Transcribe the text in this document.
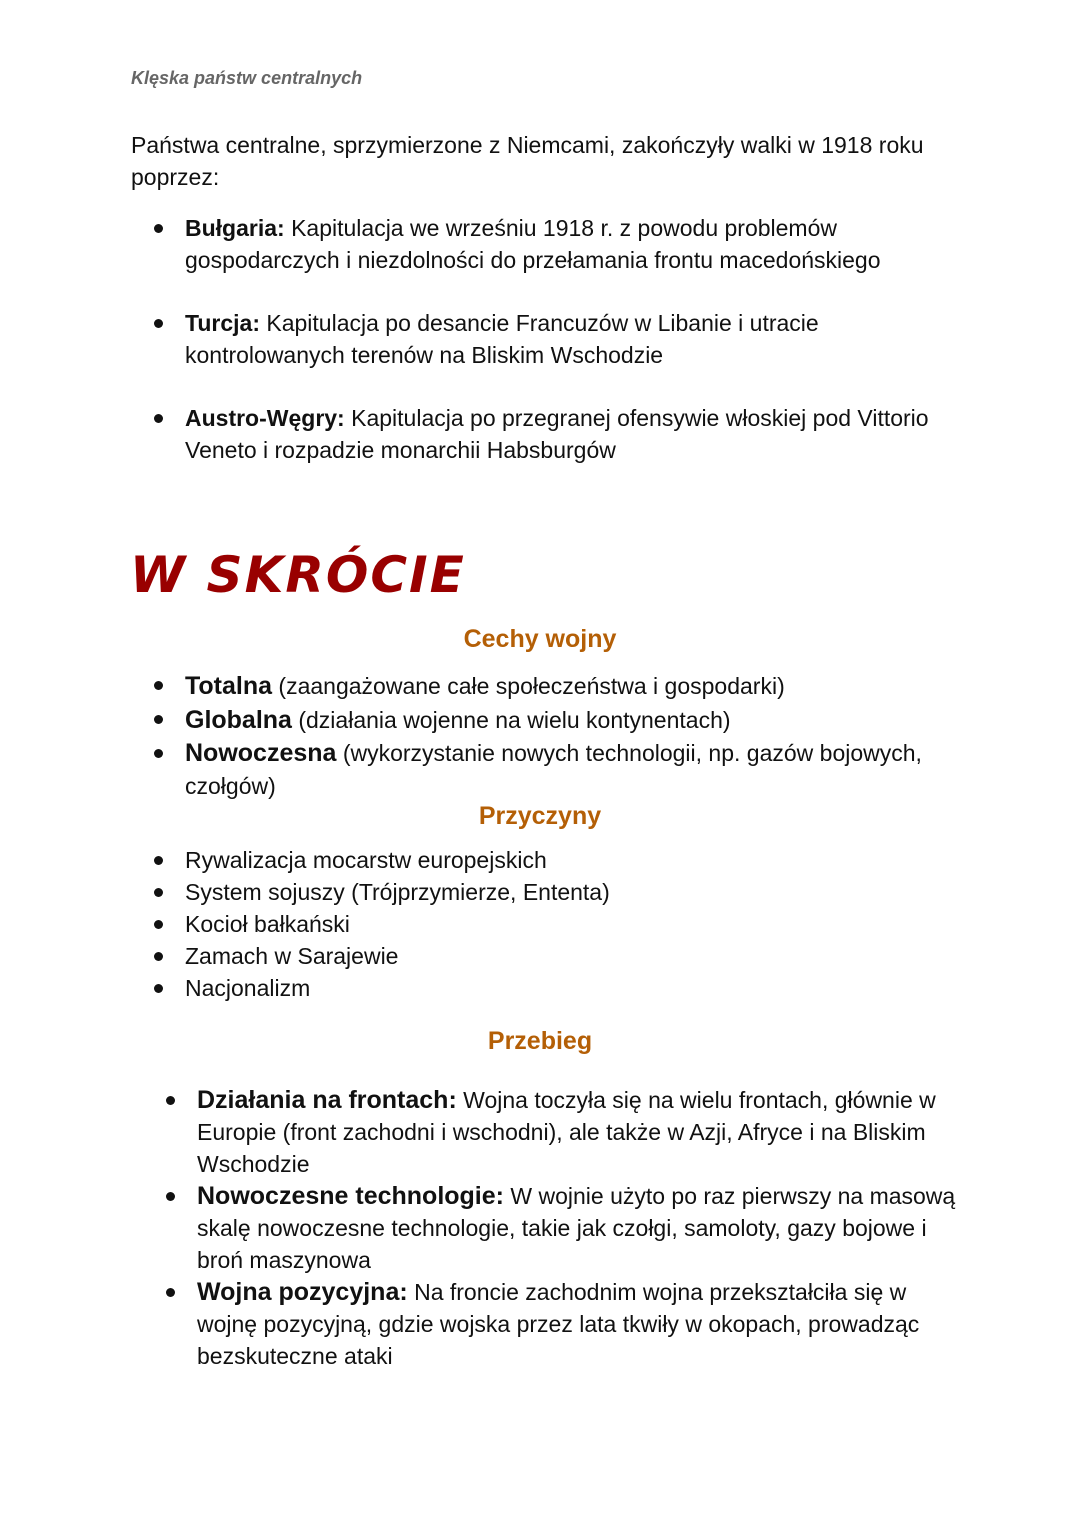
Klęska państw centralnych
Państwa centralne, sprzymierzone z Niemcami, zakończyły walki w 1918 roku poprzez:
Bułgaria: Kapitulacja we wrześniu 1918 r. z powodu problemów gospodarczych i niezdolności do przełamania frontu macedońskiego
Turcja: Kapitulacja po desancie Francuzów w Libanie i utracie kontrolowanych terenów na Bliskim Wschodzie
Austro-Węgry: Kapitulacja po przegranej ofensywie włoskiej pod Vittorio Veneto i rozpadzie monarchii Habsburgów
W SKRÓCIE
Cechy wojny
Totalna (zaangażowane całe społeczeństwa i gospodarki)
Globalna (działania wojenne na wielu kontynentach)
Nowoczesna (wykorzystanie nowych technologii, np. gazów bojowych, czołgów)
Przyczyny
Rywalizacja mocarstw europejskich
System sojuszy (Trójprzymierze, Ententa)
Kocioł bałkański
Zamach w Sarajewie
Nacjonalizm
Przebieg
Działania na frontach: Wojna toczyła się na wielu frontach, głównie w Europie (front zachodni i wschodni), ale także w Azji, Afryce i na Bliskim Wschodzie
Nowoczesne technologie: W wojnie użyto po raz pierwszy na masową skalę nowoczesne technologie, takie jak czołgi, samoloty, gazy bojowe i broń maszynowa
Wojna pozycyjna: Na froncie zachodnim wojna przekształciła się w wojnę pozycyjną, gdzie wojska przez lata tkwiły w okopach, prowadząc bezskuteczne ataki
